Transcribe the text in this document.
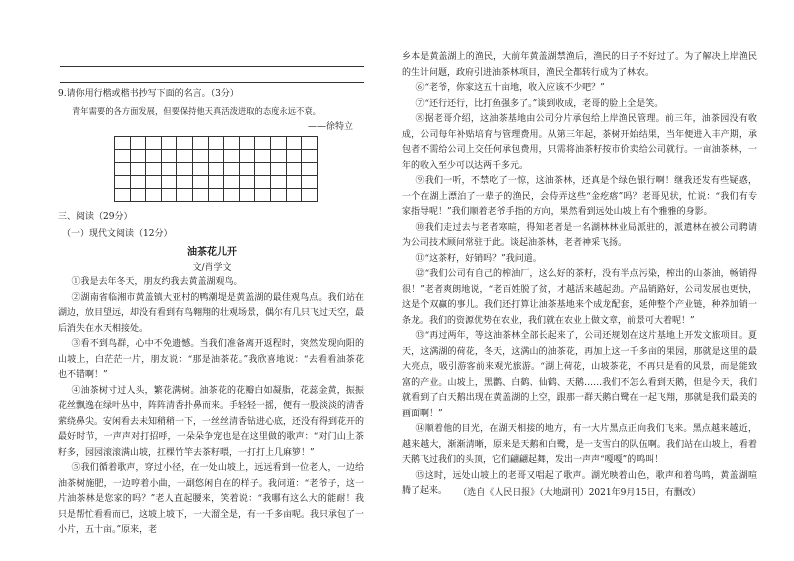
9.请你用行楷或楷书抄写下面的名言。（3分）
青年需要的各方面发展，但要保持他天真活泼进取的态度永远不衰。
——徐特立

三、阅读（29分）
（一）现代文阅读（12分）
油茶花儿开
文/肖学文
①我是去年冬天，朋友约我去黄盖湖观鸟。
②湖南省临湘市黄盖镇大亚村的鸭潮堤是黄盖湖的最佳观鸟点。我们站在湖边，放目望远，却没有看到有鸟翱翔的壮观场景，偶尔有几只飞过天空，最后消失在水天相接处。
③看不到鸟群，心中不免遗憾。当我们准备离开返程时，突然发现向阳的山坡上，白茫茫一片，朋友说：“那是油茶花。”我欣喜地说：“去看看油茶花也不错啊！”
④油茶树寸过人头，繁花满树。油茶花的花瓣白如凝脂，花蕊金黄，振振花丝飘逸在绿叶丛中，阵阵清香扑鼻而来。手轻轻一摇，便有一股淡淡的清香萦绕鼻尖。安闲看去未知稍稍一下，一丝丝清香钻进心底，还没有得到花开的最好时节，一声声对打招呼，一朵朵争宠也是在这里做的歌声：“对门山上茶籽多，园园滚滚满山坡，扛棵竹竿去茶籽喂，一打打上几麻箩！”
⑤我们循着歌声，穿过小径，在一处山坡上，远远看到一位老人，一边给油茶树施肥，一边哼着小曲，一副悠闲自在的样子。我问道：“老爷子，这一片油茶林是您家的吗？”老人直起腰来，笑着说：“我哪有这么大的能耐！我只是帮忙看看而已，这坡上坡下，一大溜全是，有一千多亩呢。我只承包了一小片，五十亩。”原来，老
乡本是黄盖湖上的渔民，大前年黄盖湖禁渔后，渔民的日子不好过了。为了解决上岸渔民的生计问题，政府引进油茶林项目，渔民全都转行成为了林农。
⑥“老爷，你家这五十亩地，收入应该不少吧？”
⑦“还行还行，比打鱼强多了。”谈到收成，老哥的脸上全是笑。
⑧据老哥介绍，这油茶基地由公司分片承包给上岸渔民管理。前三年，油茶园没有收成，公司每年补贴培育与管理费用。从第三年起，茶树开始结果，当年便进入丰产期，承包者不需给公司上交任何承包费用，只需将油茶籽按市价卖给公司就行。一亩油茶林，一年的收入至少可以达两千多元。
⑨我们一听，不禁吃了一惊，这油茶林，还真是个绿色银行啊！继我还发有些疑惑，一个在湖上漂泊了一辈子的渔民，会侍弄这些“金疙瘩”吗？老哥见状，忙说：“我们有专家指导呢！”我们顺着老爷手指的方向，果然看到远处山坡上有个雅雅的身影。
⑩我们走过去与老者寒暄，得知老者是一名湖林林业局派驻的，派遣林在被公司聘请为公司技术顾问常驻于此。谈起油茶林，老者神采飞扬。
⑪“这茶籽，好销吗？”我问道。
⑫“我们公司有自己的榨油厂，这么好的茶籽，没有半点污染，榨出的山茶油，畅销得很！”老者爽朗地说，“老百姓脱了贫，才越活来越起劲。产品销路好，公司发展也更快，这是个双赢的事儿。我们还打算让油茶基地来个成龙配套，延伸整个产业链，种养加销一条龙。我们的资源优势在农业，我们就在农业上做文章，前景可大着呢！”
⑬“再过两年，等这油茶林全部长起来了，公司还规划在这片基地上开发文旅项目。夏天，这满湖的荷花，冬天，这满山的油茶花，再加上这一千多亩的果园，那就是这里的最大亮点，吸引游客前来观光旅游。“湖上荷花，山坡茶花，不再只是看的风景，而是能致富的产业。山坡上，黑鹳、白鹤、仙鹤、天鹅……我们不怎么看到天鹅，但是今天，我们就看到了白天鹅出现在黄盖湖的上空，跟那一群天鹅白鹭在一起飞翔，那就是我们最美的画面啊！”
⑭顺着他的目光，在湖天相接的地方，有一大片黑点正向我们飞来。黑点越来越近，越来越大，渐渐清晰，原来是天鹅和白鹭，是一支雪白的队伍啊。我们站在山坡上，看着天鹅飞过我们的头顶，它们翩翩起舞，发出一声声“嘎嘎”的鸣叫！
⑮这时，远处山坡上的老哥又唱起了歌声。湖光映着山色，歌声和着鸟鸣，黄盖湖喧腾了起来。	（选自《人民日报》（大地副刊）2021年9月15日，有删改）
